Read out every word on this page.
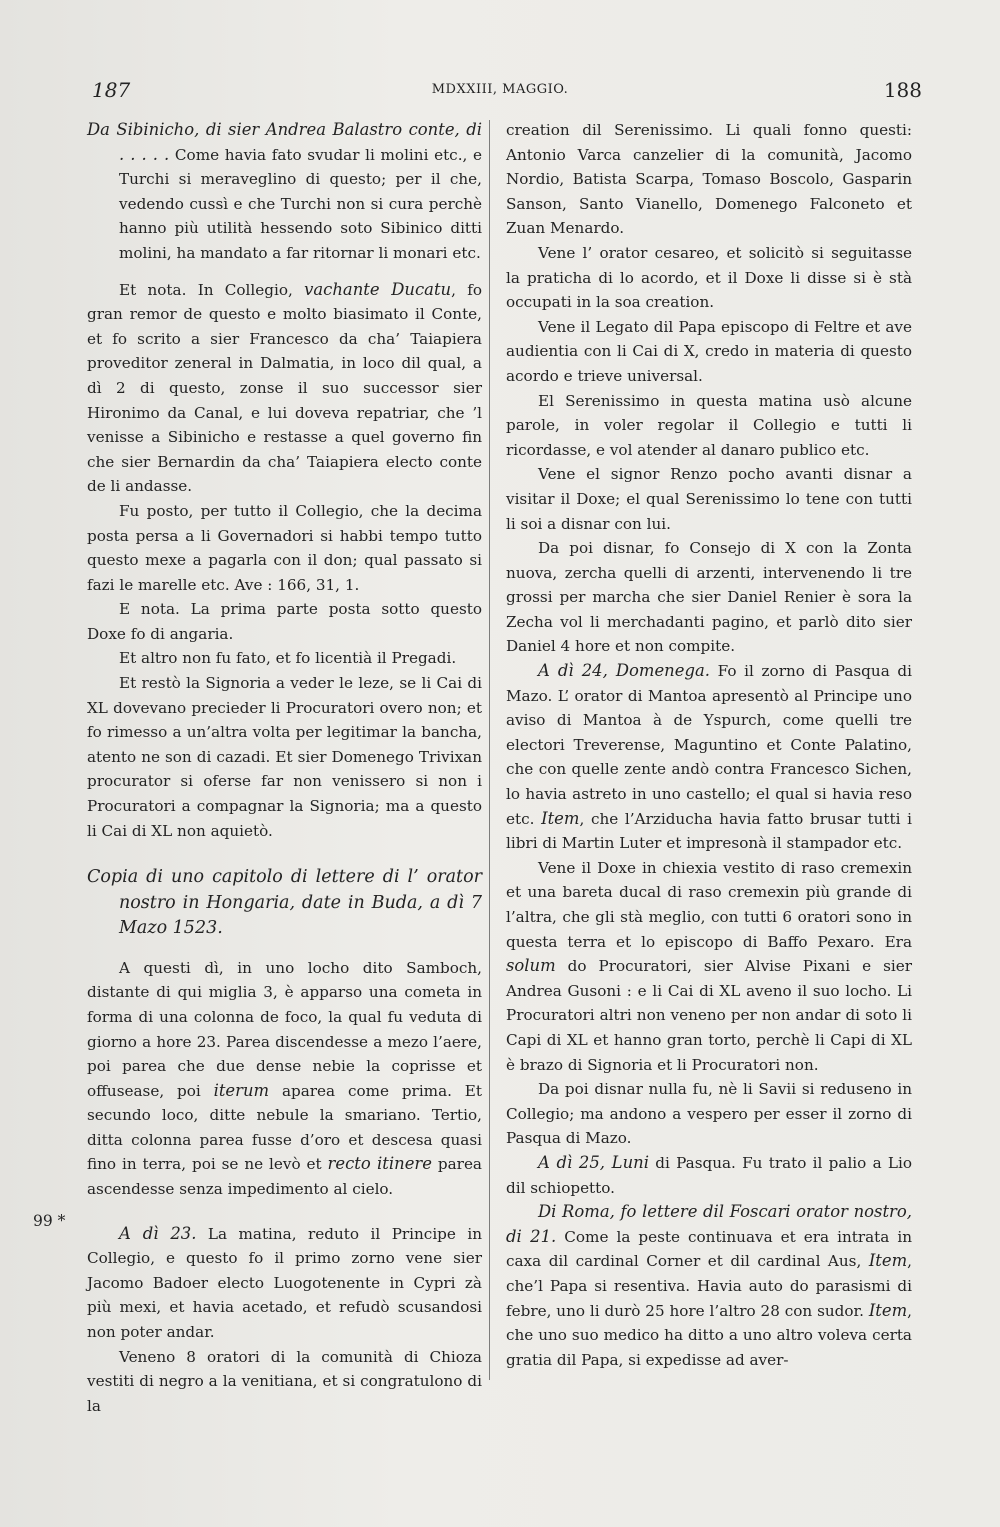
187	MDXXIII, MAGGIO.	188
99 *

Da Sibinicho, di sier Andrea Balastro conte, di . . . . . Come havia fato svudar li molini etc., e Turchi si meraveglino di questo; per il che, vedendo cussì e che Turchi non si cura perchè hanno più utilità hessendo soto Sibinico ditti molini, ha mandato a far ritornar li monari etc.

Et nota. In Collegio, vachante Ducatu, fo gran remor de questo e molto biasimato il Conte, et fo scrito a sier Francesco da cha’ Taiapiera proveditor zeneral in Dalmatia, in loco dil qual, a dì 2 di questo, zonse il suo successor sier Hironimo da Canal, e lui doveva repatriar, che ’l venisse a Sibinicho e restasse a quel governo fin che sier Bernardin da cha’ Taiapiera electo conte de li andasse.

Fu posto, per tutto il Collegio, che la decima posta persa a li Governadori si habbi tempo tutto questo mexe a pagarla con il don; qual passato si fazi le marelle etc. Ave : 166, 31, 1.

E nota. La prima parte posta sotto questo Doxe fo di angaria.

Et altro non fu fato, et fo licentià il Pregadi.

Et restò la Signoria a veder le leze, se li Cai di XL dovevano precieder li Procuratori overo non; et fo rimesso a un’altra volta per legitimar la bancha, atento ne son di cazadi. Et sier Domenego Trivixan procurator si oferse far non venissero si non i Procuratori a compagnar la Signoria; ma a questo li Cai di XL non aquietò.

Copia di uno capitolo di lettere di l’ orator nostro in Hongaria, date in Buda, a dì 7 Mazo 1523.

A questi dì, in uno locho dito Samboch, distante di qui miglia 3, è apparso una cometa in forma di una colonna de foco, la qual fu veduta di giorno a hore 23. Parea discendesse a mezo l’aere, poi parea che due dense nebie la coprisse et offusease, poi iterum aparea come prima. Et secundo loco, ditte nebule la smariano. Tertio, ditta colonna parea fusse d’oro et descesa quasi fino in terra, poi se ne levò et recto itinere parea ascendesse senza impedimento al cielo.

A dì 23. La matina, reduto il Principe in Collegio, e questo fo il primo zorno vene sier Jacomo Badoer electo Luogotenente in Cypri zà più mexi, et havia acetado, et refudò scusandosi non poter andar.

Veneno 8 oratori di la comunità di Chioza vestiti di negro a la venitiana, et si congratulono di la

creation dil Serenissimo. Li quali fonno questi: Antonio Varca canzelier di la comunità, Jacomo Nordio, Batista Scarpa, Tomaso Boscolo, Gasparin Sanson, Santo Vianello, Domenego Falconeto et Zuan Menardo.

Vene l’ orator cesareo, et solicitò si seguitasse la praticha di lo acordo, et il Doxe li disse si è stà occupati in la soa creation.

Vene il Legato dil Papa episcopo di Feltre et ave audientia con li Cai di X, credo in materia di questo acordo e trieve universal.

El Serenissimo in questa matina usò alcune parole, in voler regolar il Collegio e tutti li ricordasse, e vol atender al danaro publico etc.

Vene el signor Renzo pocho avanti disnar a visitar il Doxe; el qual Serenissimo lo tene con tutti li soi a disnar con lui.

Da poi disnar, fo Consejo di X con la Zonta nuova, zercha quelli di arzenti, intervenendo li tre grossi per marcha che sier Daniel Renier è sora la Zecha vol li merchadanti pagino, et parlò dito sier Daniel 4 hore et non compite.

A dì 24, Domenega. Fo il zorno di Pasqua di Mazo. L’ orator di Mantoa apresentò al Principe uno aviso di Mantoa à de Yspurch, come quelli tre electori Treverense, Maguntino et Conte Palatino, che con quelle zente andò contra Francesco Sichen, lo havia astreto in uno castello; el qual si havia reso etc. Item, che l’Arziducha havia fatto brusar tutti i libri di Martin Luter et impresonà il stampador etc.

Vene il Doxe in chiexia vestito di raso cremexin et una bareta ducal di raso cremexin più grande di l’altra, che gli stà meglio, con tutti 6 oratori sono in questa terra et lo episcopo di Baffo Pexaro. Era solum do Procuratori, sier Alvise Pixani e sier Andrea Gusoni : e li Cai di XL aveno il suo locho. Li Procuratori altri non veneno per non andar di soto li Capi di XL et hanno gran torto, perchè li Capi di XL è brazo di Signoria et li Procuratori non.

Da poi disnar nulla fu, nè li Savii si reduseno in Collegio; ma andono a vespero per esser il zorno di Pasqua di Mazo.

A dì 25, Luni di Pasqua. Fu trato il palio a Lio dil schiopetto.

Di Roma, fo lettere dil Foscari orator nostro, di 21. Come la peste continuava et era intrata in caxa dil cardinal Corner et dil cardinal Aus, Item, che’l Papa si resentiva. Havia auto do parasismi di febre, uno li durò 25 hore l’altro 28 con sudor. Item, che uno suo medico ha ditto a uno altro voleva certa gratia dil Papa, si expedisse ad aver-
